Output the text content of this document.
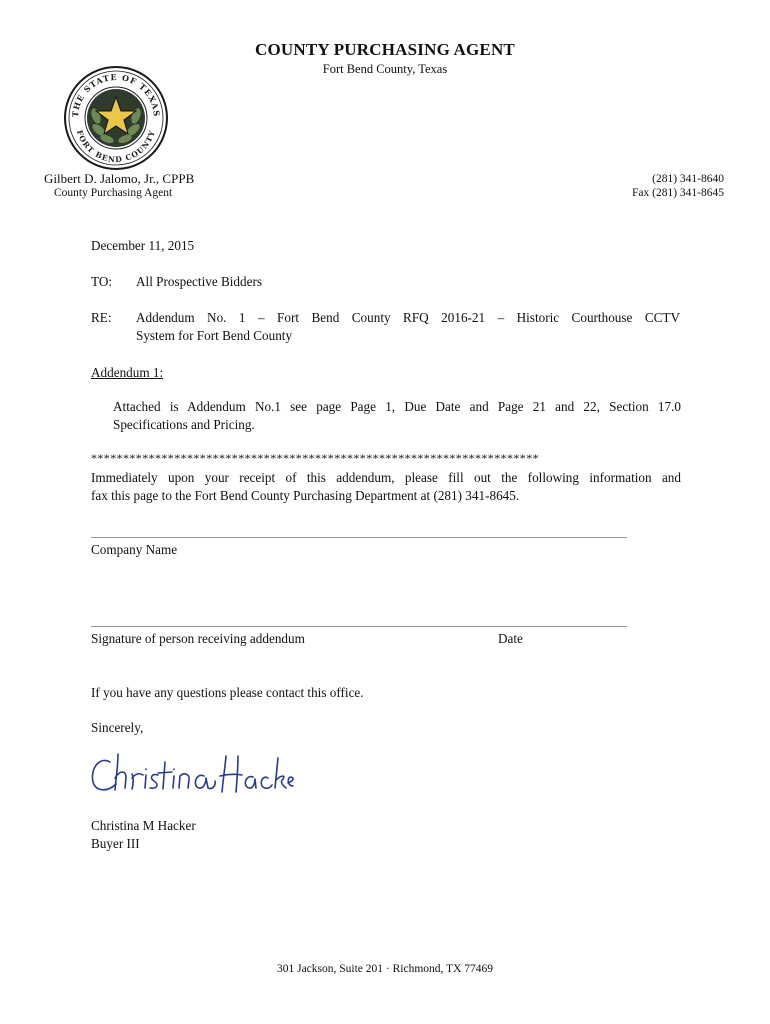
COUNTY PURCHASING AGENT
Fort Bend County, Texas
THE STATE OF TEXAS
FORT BEND COUNTY
Gilbert D. Jalomo, Jr., CPPB
County Purchasing Agent
(281) 341-8640
Fax (281) 341-8645
December 11, 2015
TO: All Prospective Bidders
RE: Addendum No. 1 – Fort Bend County RFQ 2016-21 – Historic Courthouse CCTV
System for Fort Bend County
Addendum 1:
Attached is Addendum No.1 see page Page 1, Due Date and Page 21 and 22, Section 17.0
Specifications and Pricing.
**********************************************************************
Immediately upon your receipt of this addendum, please fill out the following information and
fax this page to the Fort Bend County Purchasing Department at (281) 341-8645.
Company Name
Signature of person receiving addendum	Date
If you have any questions please contact this office.
Sincerely,
Christina M Hacker
Buyer III
301 Jackson, Suite 201 · Richmond, TX 77469
